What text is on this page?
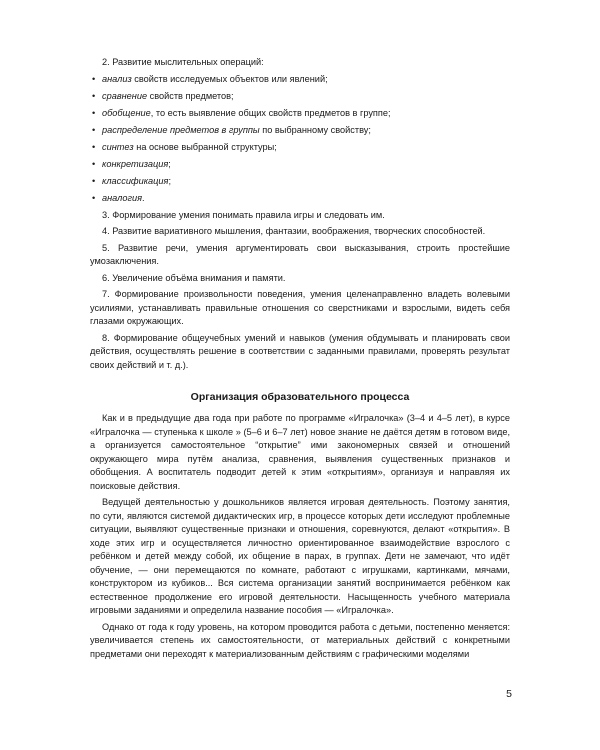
2. Развитие мыслительных операций:

• анализ свойств исследуемых объектов или явлений;
• сравнение свойств предметов;
• обобщение, то есть выявление общих свойств предметов в группе;
• распределение предметов в группы по выбранному свойству;
• синтез на основе выбранной структуры;
• конкретизация;
• классификация;
• аналогия.

3. Формирование умения понимать правила игры и следовать им.

4. Развитие вариативного мышления, фантазии, воображения, творческих способностей.

5. Развитие речи, умения аргументировать свои высказывания, строить простейшие умозаключения.

6. Увеличение объёма внимания и памяти.

7. Формирование произвольности поведения, умения целенаправленно владеть волевыми усилиями, устанавливать правильные отношения со сверстниками и взрослыми, видеть себя глазами окружающих.

8. Формирование общеучебных умений и навыков (умения обдумывать и планировать свои действия, осуществлять решение в соответствии с заданными правилами, проверять результат своих действий и т. д.).

Организация образовательного процесса

Как и в предыдущие два года при работе по программе «Игралочка» (3–4 и 4–5 лет), в курсе «Игралочка — ступенька к школе » (5–6 и 6–7 лет) новое знание не даётся детям в готовом виде, а организуется самостоятельное “открытие” ими закономерных связей и отношений окружающего мира путём анализа, сравнения, выявления существенных признаков и обобщения. А воспитатель подводит детей к этим «открытиям», организуя и направляя их поисковые действия.

Ведущей деятельностью у дошкольников является игровая деятельность. Поэтому занятия, по сути, являются системой дидактических игр, в процессе которых дети исследуют проблемные ситуации, выявляют существенные признаки и отношения, соревнуются, делают «открытия». В ходе этих игр и осуществляется личностно ориентированное взаимодействие взрослого с ребёнком и детей между собой, их общение в парах, в группах. Дети не замечают, что идёт обучение, — они перемещаются по комнате, работают с игрушками, картинками, мячами, конструктором из кубиков... Вся система организации занятий воспринимается ребёнком как естественное продолжение его игровой деятельности. Насыщенность учебного материала игровыми заданиями и определила название пособия — «Игралочка».

Однако от года к году уровень, на котором проводится работа с детьми, постепенно меняется: увеличивается степень их самостоятельности, от материальных действий с конкретными предметами они переходят к материализованным действиям с графическими моделями

5
